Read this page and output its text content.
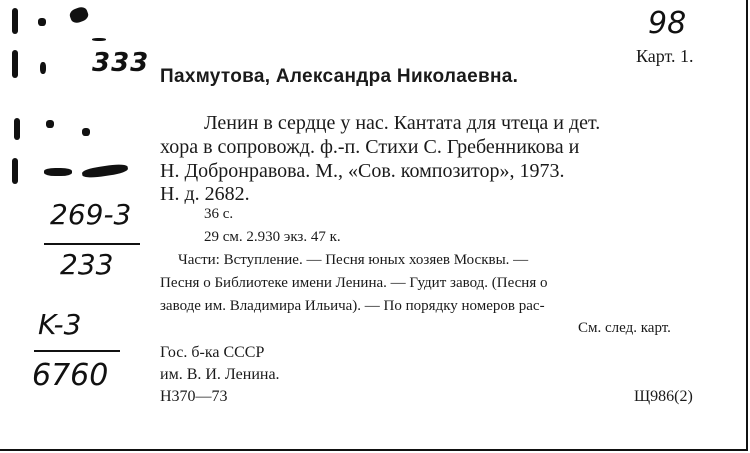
333
269-3
233
K-3
6760
98
Карт. 1.
Пахмутова, Александра Николаевна.
Ленин в сердце у нас. Кантата для чтеца и дет.
хора в сопровожд. ф.-п. Стихи С. Гребенникова и
Н. Добронравова. М., «Сов. композитор», 1973.
Н. д. 2682.
36 с.
29 см. 2.930 экз. 47 к.
Части: Вступление. — Песня юных хозяев Москвы. —
Песня о Библиотеке имени Ленина. — Гудит завод. (Песня о
заводе им. Владимира Ильича). — По порядку номеров рас-
См. след. карт.
Гос. б-ка СССР
им. В. И. Ленина.
Н370—73	Щ986(2)
